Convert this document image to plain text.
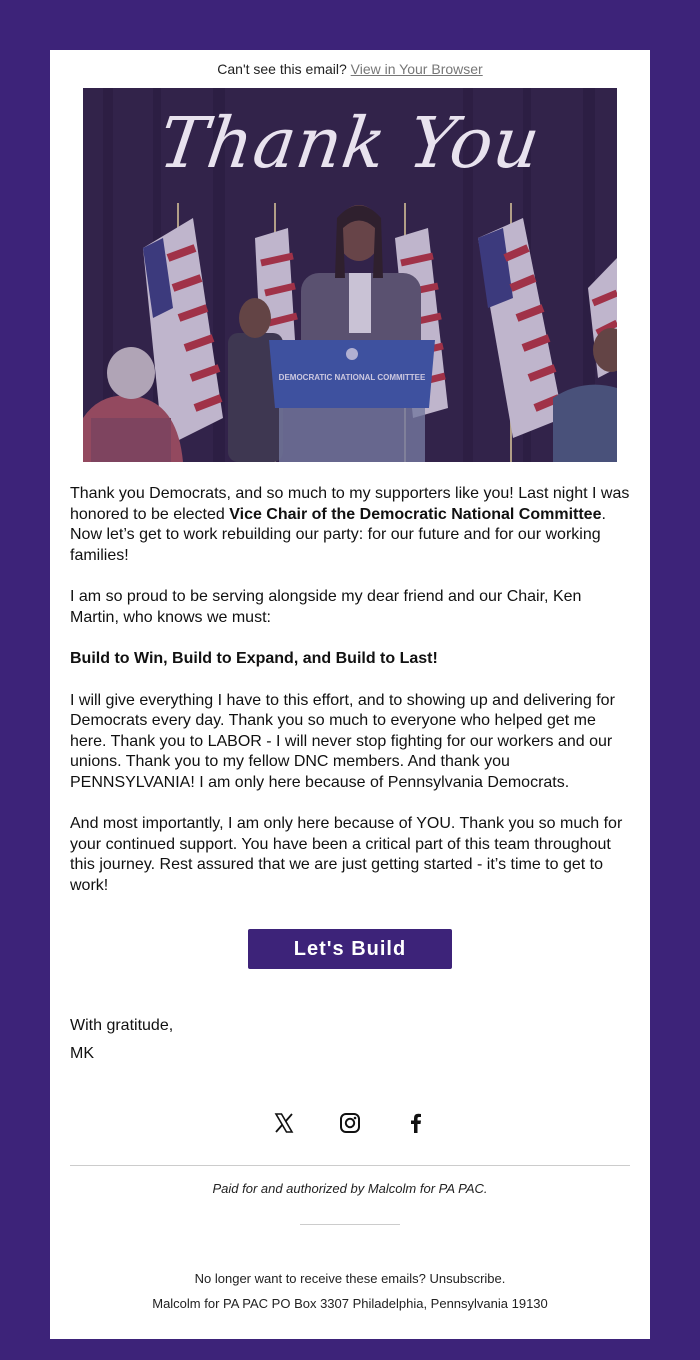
Can't see this email? View in Your Browser
DEMOCRATIC NATIONAL COMMITTEE
Thank You

Thank you Democrats, and so much to my supporters like you! Last night I was honored to be elected Vice Chair of the Democratic National Committee. Now let’s get to work rebuilding our party: for our future and for our working families!

I am so proud to be serving alongside my dear friend and our Chair, Ken Martin, who knows we must:

Build to Win, Build to Expand, and Build to Last!

I will give everything I have to this effort, and to showing up and delivering for Democrats every day. Thank you so much to everyone who helped get me here. Thank you to LABOR - I will never stop fighting for our workers and our unions. Thank you to my fellow DNC members. And thank you PENNSYLVANIA! I am only here because of Pennsylvania Democrats.

And most importantly, I am only here because of YOU. Thank you so much for your continued support. You have been a critical part of this team throughout this journey. Rest assured that we are just getting started - it’s time to get to work!

Let's Build
With gratitude,
MK
Paid for and authorized by Malcolm for PA PAC.
No longer want to receive these emails? Unsubscribe.
Malcolm for PA PAC PO Box 3307 Philadelphia, Pennsylvania 19130
